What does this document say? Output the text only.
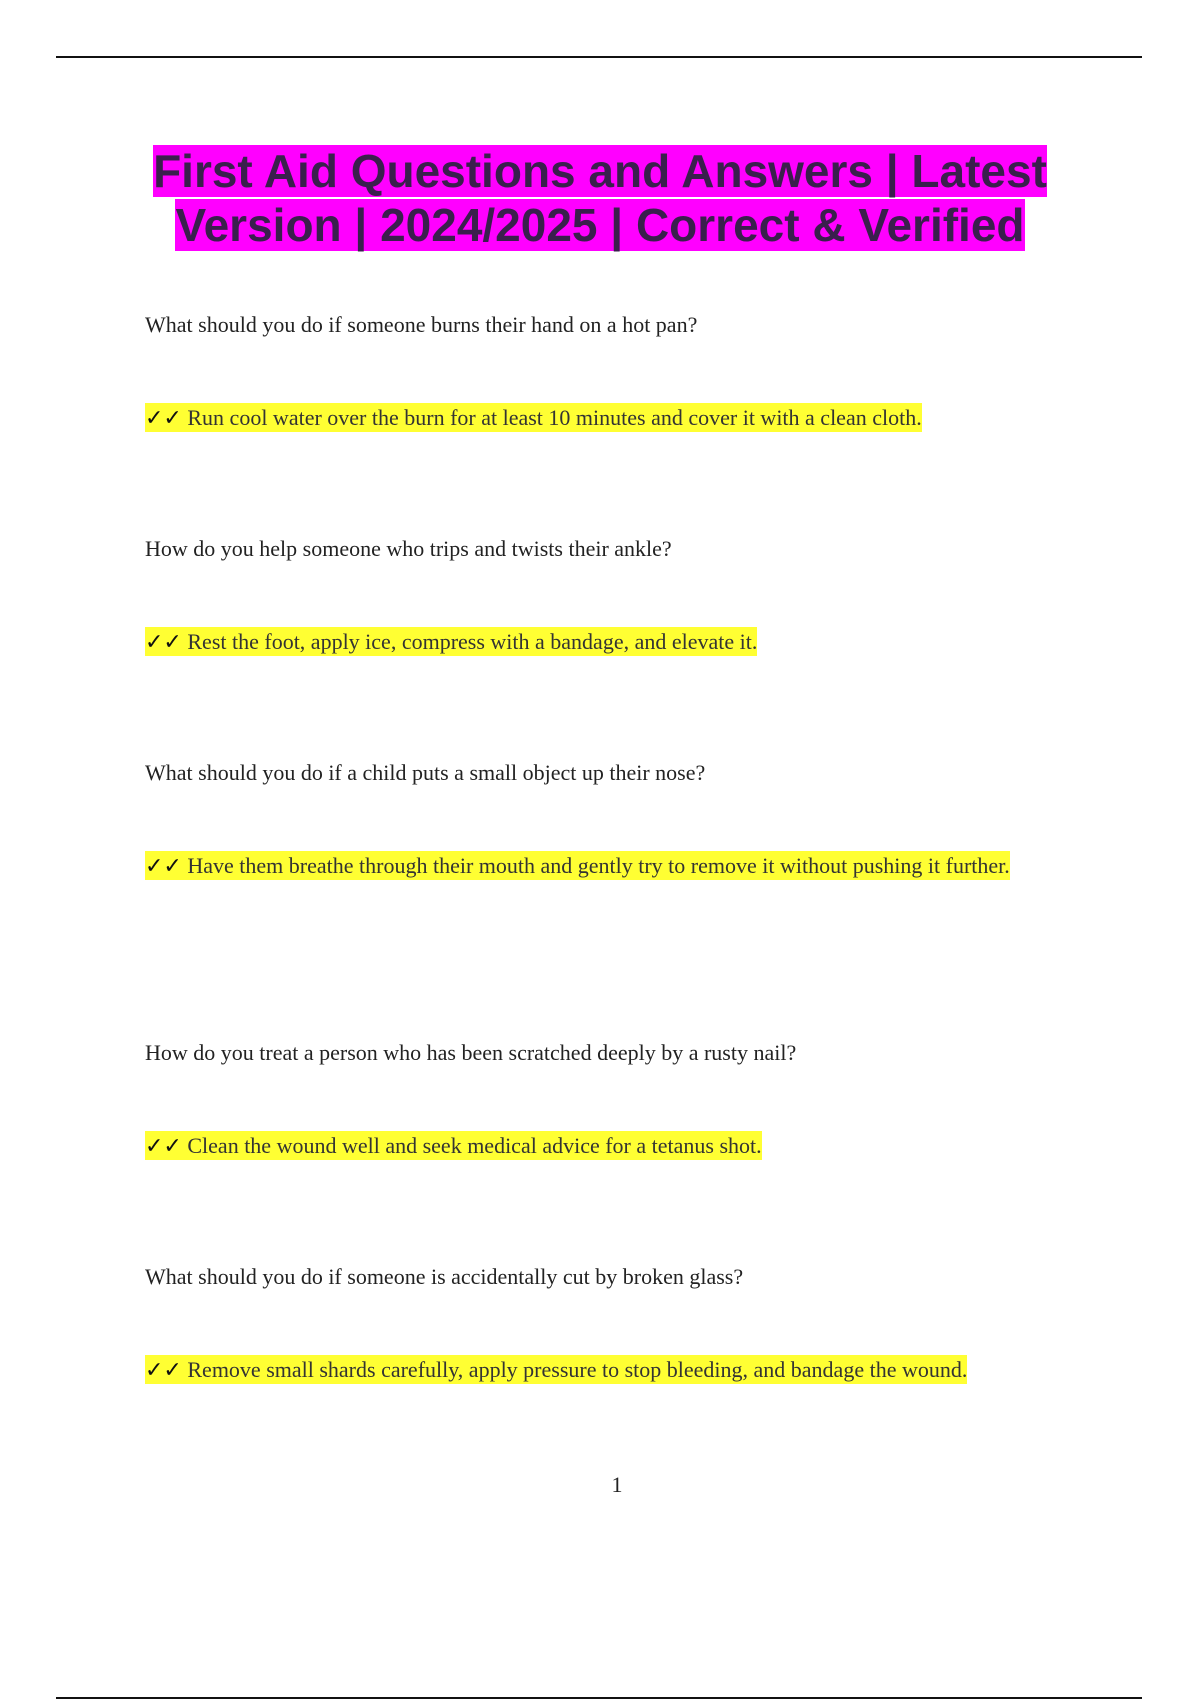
First Aid Questions and Answers | Latest Version | 2024/2025 | Correct & Verified

What should you do if someone burns their hand on a hot pan?

✓✓ Run cool water over the burn for at least 10 minutes and cover it with a clean cloth.

How do you help someone who trips and twists their ankle?

✓✓ Rest the foot, apply ice, compress with a bandage, and elevate it.

What should you do if a child puts a small object up their nose?

✓✓ Have them breathe through their mouth and gently try to remove it without pushing it further.

How do you treat a person who has been scratched deeply by a rusty nail?

✓✓ Clean the wound well and seek medical advice for a tetanus shot.

What should you do if someone is accidentally cut by broken glass?

✓✓ Remove small shards carefully, apply pressure to stop bleeding, and bandage the wound.

1
